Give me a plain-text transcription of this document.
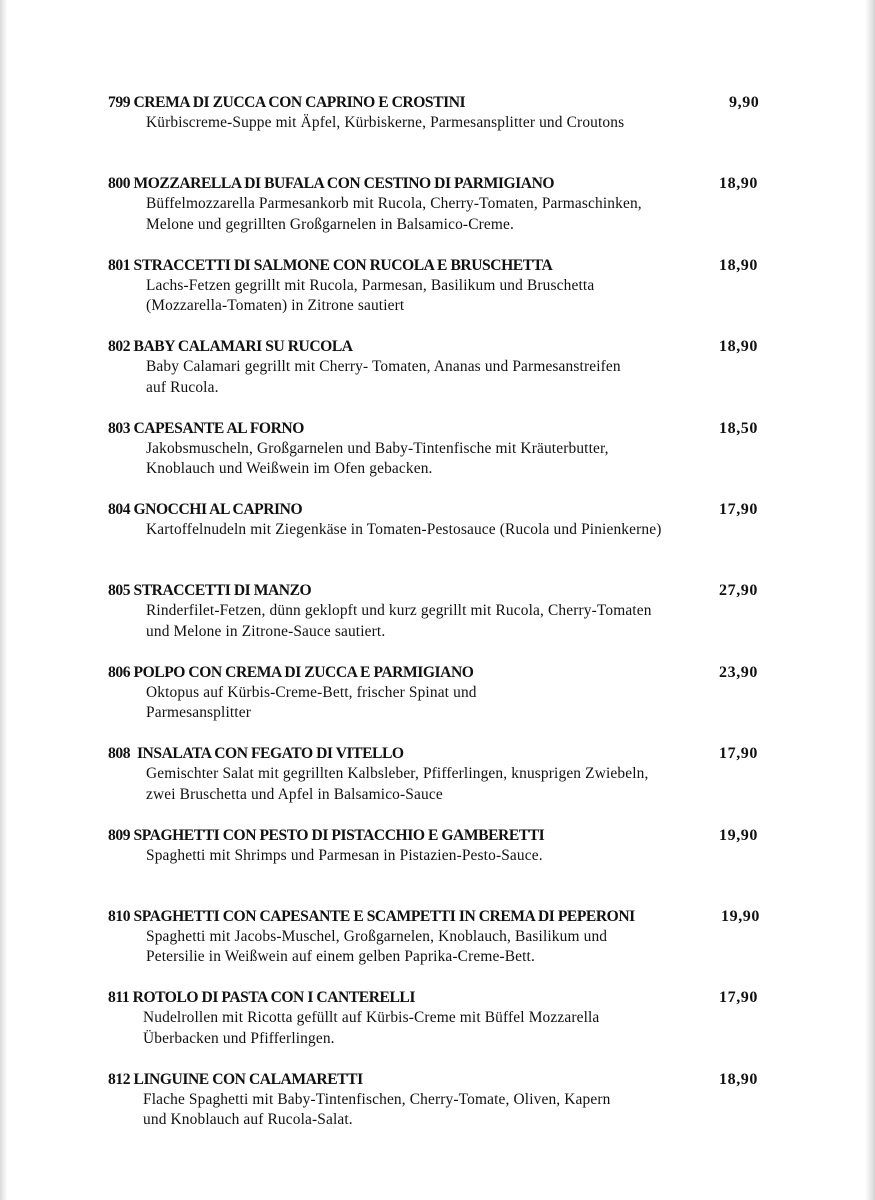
799 CREMA DI ZUCCA CON CAPRINO E CROSTINI	9,90
Kürbiscreme-Suppe mit Äpfel, Kürbiskerne, Parmesansplitter und Croutons
800 MOZZARELLA DI BUFALA CON CESTINO DI PARMIGIANO	18,90
Büffelmozzarella Parmesankorb mit Rucola, Cherry-Tomaten, Parmaschinken,
Melone und gegrillten Großgarnelen in Balsamico-Creme.
801 STRACCETTI DI SALMONE CON RUCOLA E BRUSCHETTA	18,90
Lachs-Fetzen gegrillt mit Rucola, Parmesan, Basilikum und Bruschetta
(Mozzarella-Tomaten) in Zitrone sautiert
802 BABY CALAMARI SU RUCOLA	18,90
Baby Calamari gegrillt mit Cherry- Tomaten, Ananas und Parmesanstreifen
auf Rucola.
803 CAPESANTE AL FORNO	18,50
Jakobsmuscheln, Großgarnelen und Baby-Tintenfische mit Kräuterbutter,
Knoblauch und Weißwein im Ofen gebacken.
804 GNOCCHI AL CAPRINO	17,90
Kartoffelnudeln mit Ziegenkäse in Tomaten-Pestosauce (Rucola und Pinienkerne)
805 STRACCETTI DI MANZO	27,90
Rinderfilet-Fetzen, dünn geklopft und kurz gegrillt mit Rucola, Cherry-Tomaten
und Melone in Zitrone-Sauce sautiert.
806 POLPO CON CREMA DI ZUCCA E PARMIGIANO	23,90
Oktopus auf Kürbis-Creme-Bett, frischer Spinat und
Parmesansplitter
808  INSALATA CON FEGATO DI VITELLO	17,90
Gemischter Salat mit gegrillten Kalbsleber, Pfifferlingen, knusprigen Zwiebeln,
zwei Bruschetta und Apfel in Balsamico-Sauce
809 SPAGHETTI CON PESTO DI PISTACCHIO E GAMBERETTI	19,90
Spaghetti mit Shrimps und Parmesan in Pistazien-Pesto-Sauce.
810 SPAGHETTI CON CAPESANTE E SCAMPETTI IN CREMA DI PEPERONI	19,90
Spaghetti mit Jacobs-Muschel, Großgarnelen, Knoblauch, Basilikum und
Petersilie in Weißwein auf einem gelben Paprika-Creme-Bett.
811 ROTOLO DI PASTA CON I CANTERELLI	17,90
Nudelrollen mit Ricotta gefüllt auf Kürbis-Creme mit Büffel Mozzarella
Überbacken und Pfifferlingen.
812 LINGUINE CON CALAMARETTI	18,90
Flache Spaghetti mit Baby-Tintenfischen, Cherry-Tomate, Oliven, Kapern
und Knoblauch auf Rucola-Salat.
